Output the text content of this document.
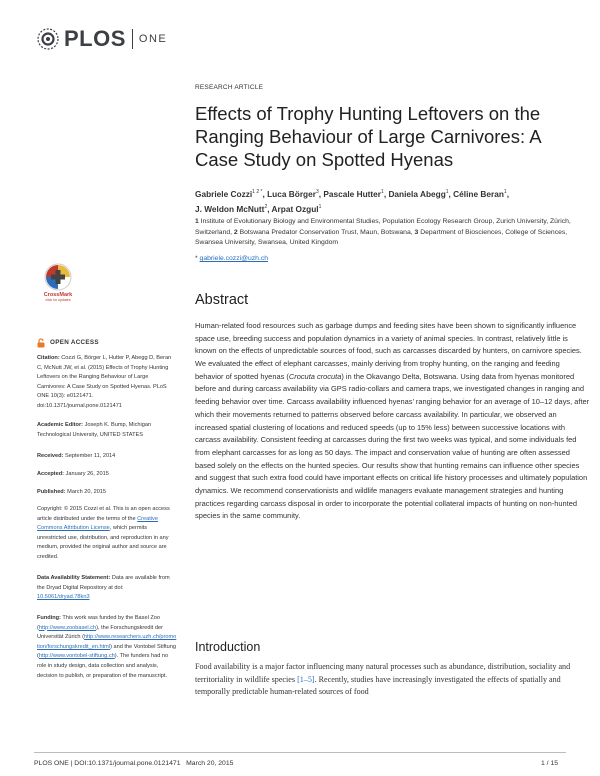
PLOS ONE
RESEARCH ARTICLE
Effects of Trophy Hunting Leftovers on the Ranging Behaviour of Large Carnivores: A Case Study on Spotted Hyenas
Gabriele Cozzi$^{1 2 *}$, Luca Börger$^3$, Pascale Hutter$^1$, Daniela Abegg$^1$, Céline Beran$^1$,
J. Weldon McNutt$^2$, Arpat Ozgul$^1$
1 Institute of Evolutionary Biology and Environmental Studies, Population Ecology Research Group, Zurich University, Zürich, Switzerland, 2 Botswana Predator Conservation Trust, Maun, Botswana, 3 Department of Biosciences, College of Sciences, Swansea University, Swansea, United Kingdom
* gabriele.cozzi@uzh.ch
CrossMark
click for updates
OPEN ACCESS
Citation: Cozzi G, Börger L, Hutter P, Abegg D, Beran C, McNutt JW, et al. (2015) Effects of Trophy Hunting Leftovers on the Ranging Behaviour of Large Carnivores: A Case Study on Spotted Hyenas. PLoS ONE 10(3): e0121471. doi:10.1371/journal.pone.0121471
Academic Editor: Joseph K. Bump, Michigan Technological University, UNITED STATES
Received: September 11, 2014
Accepted: January 26, 2015
Published: March 20, 2015
Copyright: © 2015 Cozzi et al. This is an open access article distributed under the terms of the Creative Commons Attribution License, which permits unrestricted use, distribution, and reproduction in any medium, provided the original author and source are credited.
Data Availability Statement: Data are available from the Dryad Digital Repository at doi: 10.5061/dryad.78kn3
Funding: This work was funded by the Basel Zoo (http://www.zoobasel.ch), the Forschungskredit der Universität Zürich (http://www.researchers.uzh.ch/promotion/forschungskredit_en.html) and the Vontobel Stiftung (http://www.vontobel-stiftung.ch). The funders had no role in study design, data collection and analysis, decision to publish, or preparation of the manuscript.
Abstract
Human-related food resources such as garbage dumps and feeding sites have been shown to significantly influence space use, breeding success and population dynamics in a variety of animal species. In contrast, relatively little is known on the effects of unpredictable sources of food, such as carcasses discarded by hunters, on carnivore species. We evaluated the effect of elephant carcasses, mainly deriving from trophy hunting, on the ranging and feeding behavior of spotted hyenas (Crocuta crocuta) in the Okavango Delta, Botswana. Using data from hyenas monitored before and during carcass availability via GPS radio-collars and camera traps, we investigated changes in ranging and feeding behavior over time. Carcass availability influenced hyenas’ ranging behavior for an average of 10–12 days, after which their movements returned to patterns observed before carcass availability. In particular, we observed an increased spatial clustering of locations and reduced speeds (up to 15% less) between successive locations with carcass availability. Consistent feeding at carcasses during the first two weeks was typical, and some individuals fed from elephant carcasses for as long as 50 days. The impact and conservation value of hunting are often assessed based solely on the effects on the hunted species. Our results show that hunting remains can influence other species and suggest that such extra food could have important effects on critical life history processes and ultimately population dynamics. We recommend conservationists and wildlife managers evaluate management strategies and hunting practices regarding carcass disposal in order to incorporate the potential collateral impacts of hunting on non-hunted species in the same community.
Introduction
Food availability is a major factor influencing many natural processes such as abundance, distribution, sociality and territoriality in wildlife species [1–5]. Recently, studies have increasingly investigated the effects of spatially and temporally predictable human-related sources of food
PLOS ONE | DOI:10.1371/journal.pone.0121471   March 20, 2015	1 / 15
